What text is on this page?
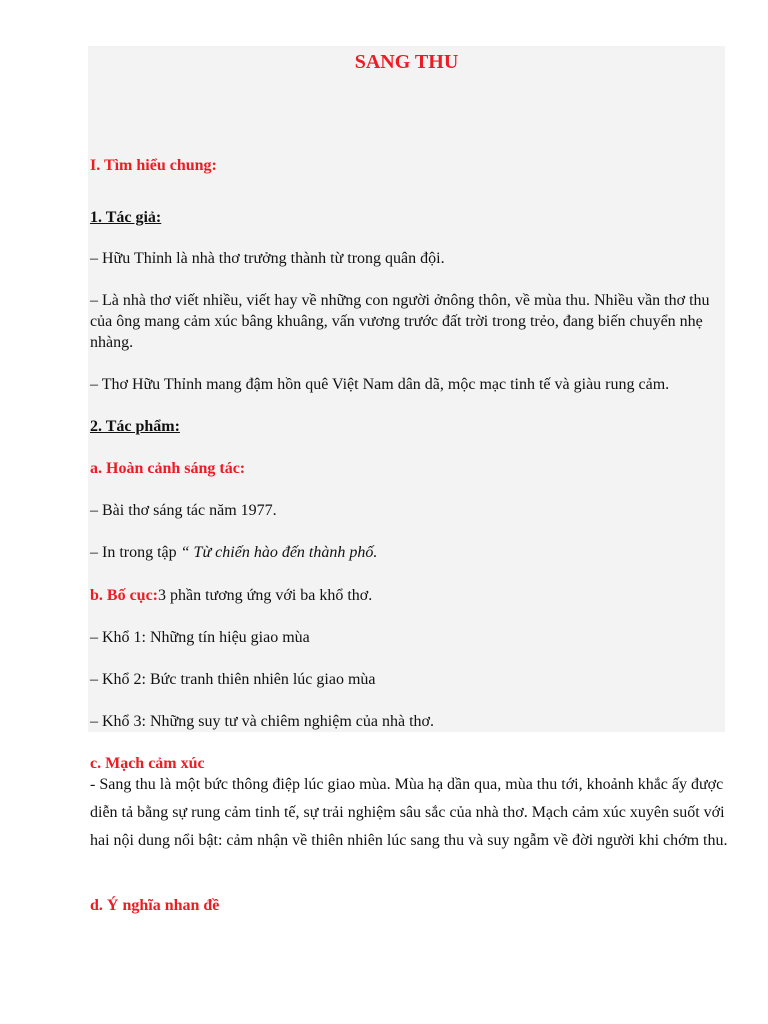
SANG THU

I. Tìm hiểu chung:

1. Tác giả:

– Hữu Thỉnh là nhà thơ trưởng thành từ trong quân đội.

– Là nhà thơ viết nhiều, viết hay về những con người ởnông thôn, về mùa thu. Nhiều vần thơ thu của ông mang cảm xúc bâng khuâng, vấn vương trước đất trời trong trẻo, đang biến chuyển nhẹ nhàng.

– Thơ Hữu Thỉnh mang đậm hồn quê Việt Nam dân dã, mộc mạc tinh tế và giàu rung cảm.

2. Tác phẩm:

a. Hoàn cảnh sáng tác:

– Bài thơ sáng tác năm 1977.

– In trong tập “ Từ chiến hào đến thành phố.

b. Bố cục:3 phần tương ứng với ba khổ thơ.

– Khổ 1: Những tín hiệu giao mùa

– Khổ 2: Bức tranh thiên nhiên lúc giao mùa

– Khổ 3: Những suy tư và chiêm nghiệm của nhà thơ.

c. Mạch cảm xúc

- Sang thu là một bức thông điệp lúc giao mùa. Mùa hạ dần qua, mùa thu tới, khoảnh khắc ấy được diễn tả bằng sự rung cảm tinh tế, sự trải nghiệm sâu sắc của nhà thơ. Mạch cảm xúc xuyên suốt với hai nội dung nổi bật: cảm nhận về thiên nhiên lúc sang thu và suy ngẫm về đời người khi chớm thu.

d. Ý nghĩa nhan đề
